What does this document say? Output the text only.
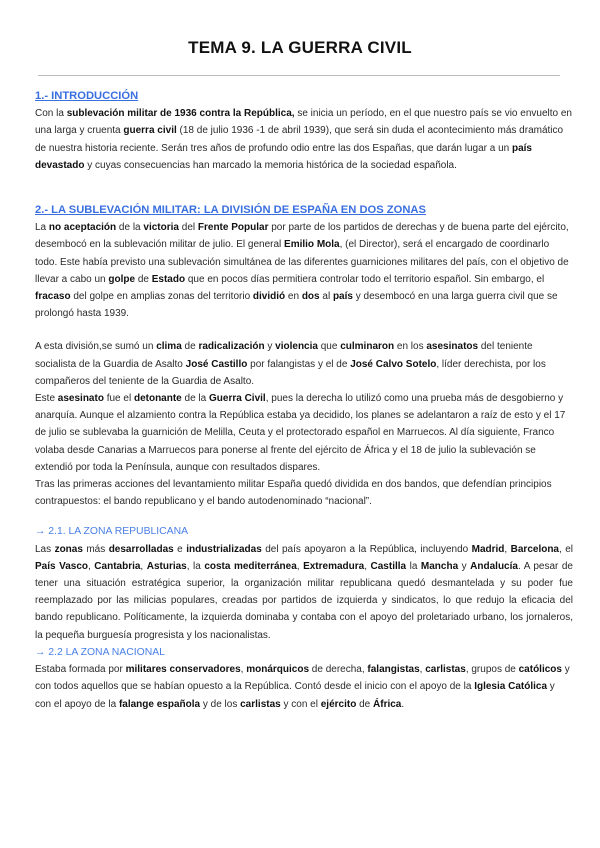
TEMA 9. LA GUERRA CIVIL
1.- INTRODUCCIÓN

Con la sublevación militar de 1936 contra la República, se inicia un período, en el que nuestro país se vio envuelto en una larga y cruenta guerra civil (18 de julio 1936 -1 de abril 1939), que será sin duda el acontecimiento más dramático de nuestra historia reciente. Serán tres años de profundo odio entre las dos Españas, que darán lugar a un país devastado y cuyas consecuencias han marcado la memoria histórica de la sociedad española.

2.- LA SUBLEVACIÓN MILITAR: LA DIVISIÓN DE ESPAÑA EN DOS ZONAS

La no aceptación de la victoria del Frente Popular por parte de los partidos de derechas y de buena parte del ejército, desembocó en la sublevación militar de julio. El general Emilio Mola, (el Director), será el encargado de coordinarlo todo. Este había previsto una sublevación simultánea de las diferentes guarniciones militares del país, con el objetivo de llevar a cabo un golpe de Estado que en pocos días permitiera controlar todo el territorio español. Sin embargo, el fracaso del golpe en amplias zonas del territorio dividió en dos al país y desembocó en una larga guerra civil que se prolongó hasta 1939.

A esta división,se sumó un clima de radicalización y violencia que culminaron en los asesinatos del teniente socialista de la Guardia de Asalto José Castillo por falangistas y el de José Calvo Sotelo, líder derechista, por los compañeros del teniente de la Guardia de Asalto.

Este asesinato fue el detonante de la Guerra Civil, pues la derecha lo utilizó como una prueba más de desgobierno y anarquía. Aunque el alzamiento contra la República estaba ya decidido, los planes se adelantaron a raíz de esto y el 17 de julio se sublevaba la guarnición de Melilla, Ceuta y el protectorado español en Marruecos. Al día siguiente, Franco volaba desde Canarias a Marruecos para ponerse al frente del ejército de África y el 18 de julio la sublevación se extendió por toda la Península, aunque con resultados dispares.

Tras las primeras acciones del levantamiento militar España quedó dividida en dos bandos, que defendían principios contrapuestos: el bando republicano y el bando autodenominado “nacional”.

→ 2.1. LA ZONA REPUBLICANA

Las zonas más desarrolladas e industrializadas del país apoyaron a la República, incluyendo Madrid, Barcelona, el País Vasco, Cantabria, Asturias, la costa mediterránea, Extremadura, Castilla la Mancha y Andalucía. A pesar de tener una situación estratégica superior, la organización militar republicana quedó desmantelada y su poder fue reemplazado por las milicias populares, creadas por partidos de izquierda y sindicatos, lo que redujo la eficacia del bando republicano. Políticamente, la izquierda dominaba y contaba con el apoyo del proletariado urbano, los jornaleros, la pequeña burguesía progresista y los nacionalistas.

→ 2.2 LA ZONA NACIONAL

Estaba formada por militares conservadores, monárquicos de derecha, falangistas, carlistas, grupos de católicos y con todos aquellos que se habían opuesto a la República. Contó desde el inicio con el apoyo de la Iglesia Católica y con el apoyo de la falange española y de los carlistas y con el ejército de África.
